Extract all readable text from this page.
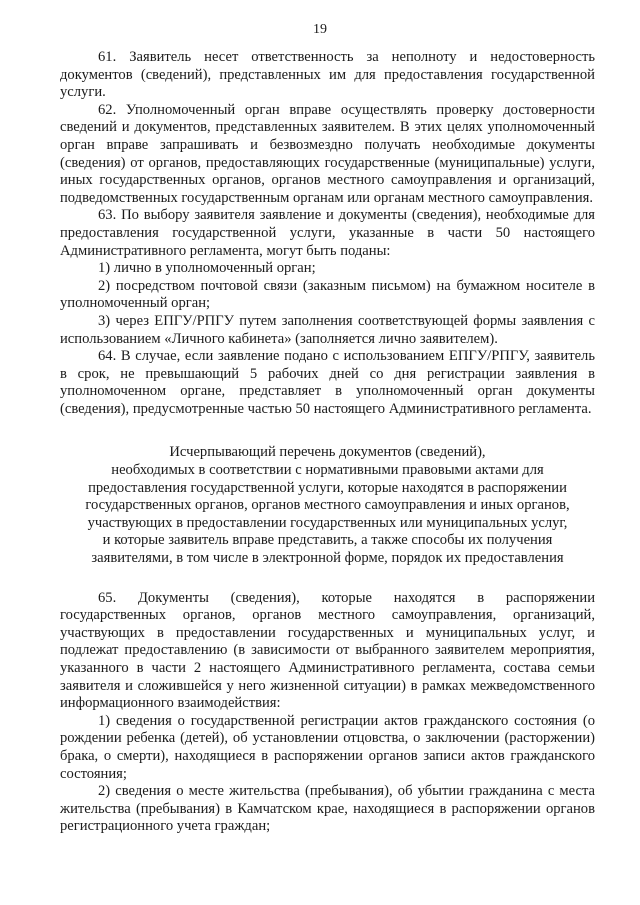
19

61. Заявитель несет ответственность за неполноту и недостоверность документов (сведений), представленных им для предоставления государственной услуги.

62. Уполномоченный орган вправе осуществлять проверку достоверности сведений и документов, представленных заявителем. В этих целях уполномоченный орган вправе запрашивать и безвозмездно получать необходимые документы (сведения) от органов, предоставляющих государственные (муниципальные) услуги, иных государственных органов, органов местного самоуправления и организаций, подведомственных государственным органам или органам местного самоуправления.

63. По выбору заявителя заявление и документы (сведения), необходимые для предоставления государственной услуги, указанные в части 50 настоящего Административного регламента, могут быть поданы:

1) лично в уполномоченный орган;

2) посредством почтовой связи (заказным письмом) на бумажном носителе в уполномоченный орган;

3) через ЕПГУ/РПГУ путем заполнения соответствующей формы заявления с использованием «Личного кабинета» (заполняется лично заявителем).

64. В случае, если заявление подано с использованием ЕПГУ/РПГУ, заявитель в срок, не превышающий 5 рабочих дней со дня регистрации заявления в уполномоченном органе, представляет в уполномоченный орган документы (сведения), предусмотренные частью 50 настоящего Административного регламента.

Исчерпывающий перечень документов (сведений),
необходимых в соответствии с нормативными правовыми актами для
предоставления государственной услуги, которые находятся в распоряжении
государственных органов, органов местного самоуправления и иных органов,
участвующих в предоставлении государственных или муниципальных услуг,
и которые заявитель вправе представить, а также способы их получения
заявителями, в том числе в электронной форме, порядок их предоставления

65. Документы (сведения), которые находятся в распоряжении государственных органов, органов местного самоуправления, организаций, участвующих в предоставлении государственных и муниципальных услуг, и подлежат предоставлению (в зависимости от выбранного заявителем мероприятия, указанного в части 2 настоящего Административного регламента, состава семьи заявителя и сложившейся у него жизненной ситуации) в рамках межведомственного информационного взаимодействия:

1) сведения о государственной регистрации актов гражданского состояния (о рождении ребенка (детей), об установлении отцовства, о заключении (расторжении) брака, о смерти), находящиеся в распоряжении органов записи актов гражданского состояния;

2) сведения о месте жительства (пребывания), об убытии гражданина с места жительства (пребывания) в Камчатском крае, находящиеся в распоряжении органов регистрационного учета граждан;
